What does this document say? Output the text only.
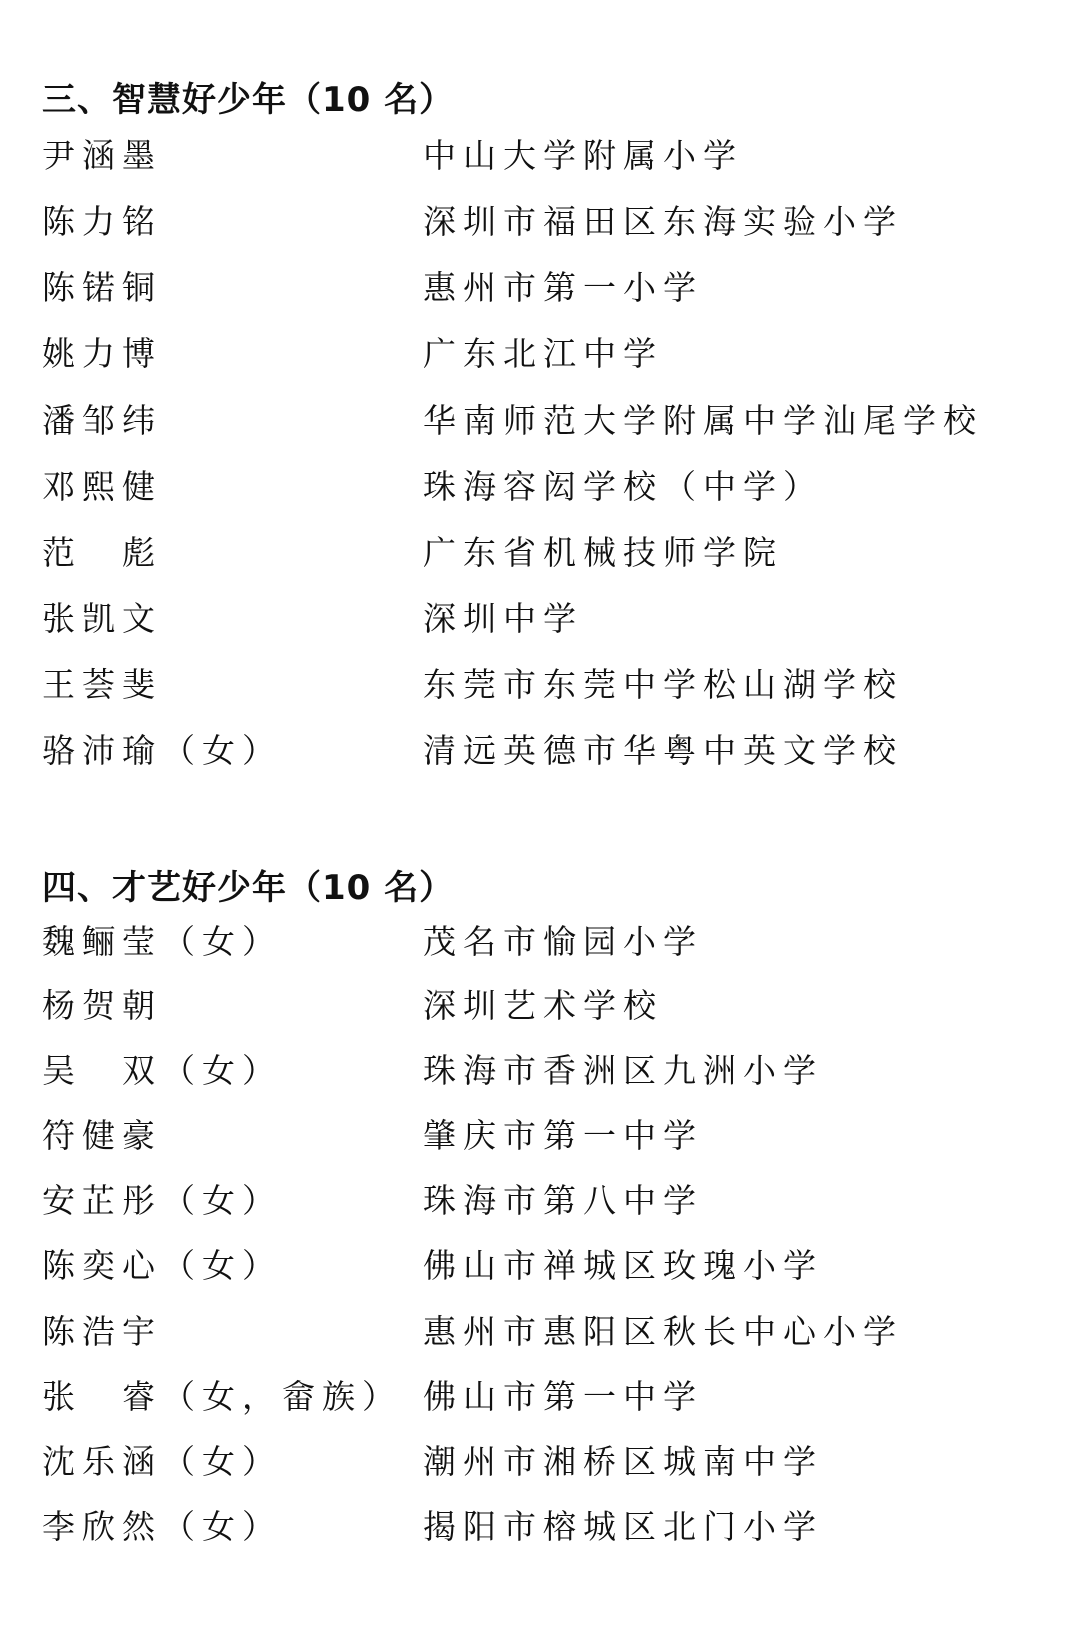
三、智慧好少年（10 名）
尹涵墨	中山大学附属小学
陈力铭	深圳市福田区东海实验小学
陈锘铜	惠州市第一小学
姚力博	广东北江中学
潘邹纬	华南师范大学附属中学汕尾学校
邓熙健	珠海容闳学校（中学）
范　彪	广东省机械技师学院
张凯文	深圳中学
王荟斐	东莞市东莞中学松山湖学校
骆沛瑜（女）	清远英德市华粤中英文学校
四、才艺好少年（10 名）
魏鲡莹（女）	茂名市愉园小学
杨贺朝	深圳艺术学校
吴　双（女）	珠海市香洲区九洲小学
符健豪	肇庆市第一中学
安芷彤（女）	珠海市第八中学
陈奕心（女）	佛山市禅城区玫瑰小学
陈浩宇	惠州市惠阳区秋长中心小学
张　睿（女，畲族） 佛山市第一中学
沈乐涵（女）	潮州市湘桥区城南中学
李欣然（女）	揭阳市榕城区北门小学
